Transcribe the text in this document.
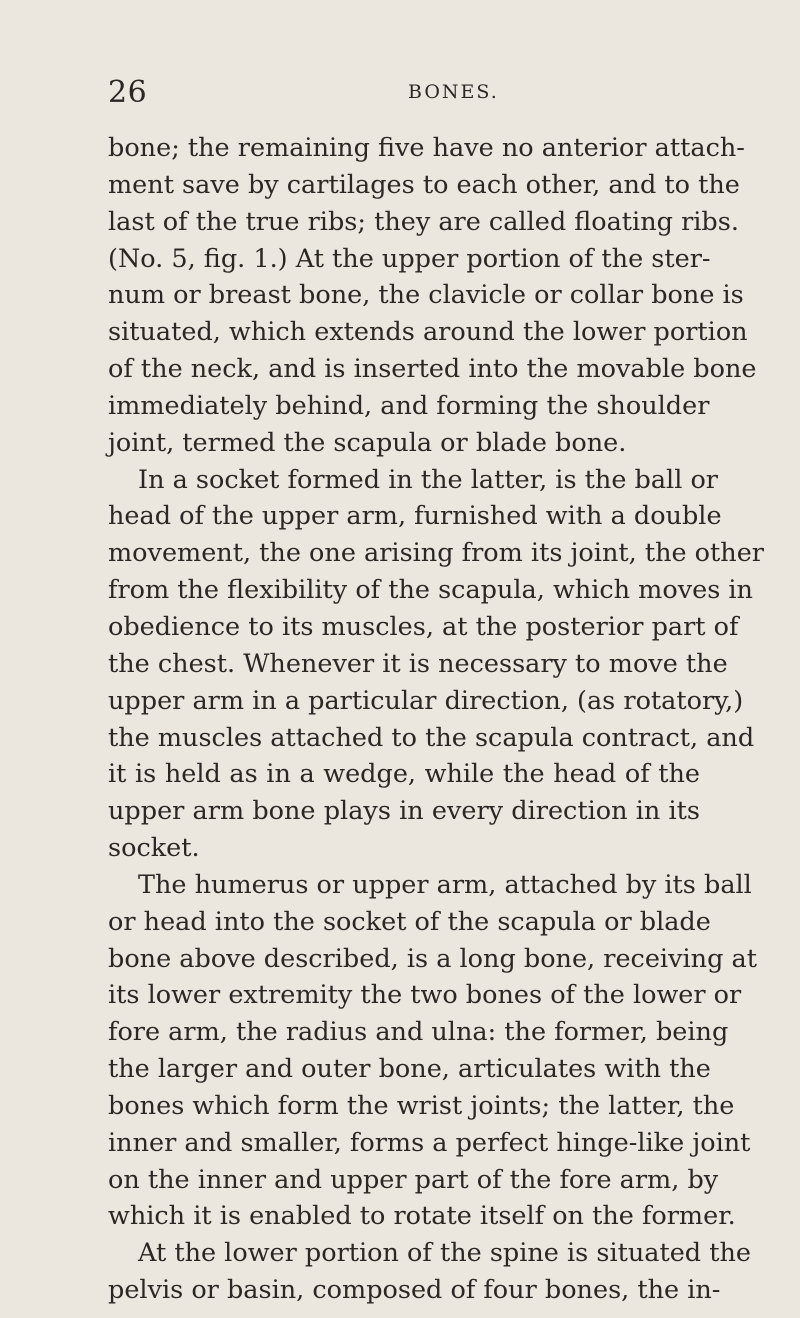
26	BONES.
bone; the remaining five have no anterior attach-
ment save by cartilages to each other, and to the
last of the true ribs; they are called floating ribs.
(No. 5, fig. 1.) At the upper portion of the ster-
num or breast bone, the clavicle or collar bone is
situated, which extends around the lower portion
of the neck, and is inserted into the movable bone
immediately behind, and forming the shoulder
joint, termed the scapula or blade bone.
In a socket formed in the latter, is the ball or
head of the upper arm, furnished with a double
movement, the one arising from its joint, the other
from the flexibility of the scapula, which moves in
obedience to its muscles, at the posterior part of
the chest. Whenever it is necessary to move the
upper arm in a particular direction, (as rotatory,)
the muscles attached to the scapula contract, and
it is held as in a wedge, while the head of the
upper arm bone plays in every direction in its
socket.
The humerus or upper arm, attached by its ball
or head into the socket of the scapula or blade
bone above described, is a long bone, receiving at
its lower extremity the two bones of the lower or
fore arm, the radius and ulna: the former, being
the larger and outer bone, articulates with the
bones which form the wrist joints; the latter, the
inner and smaller, forms a perfect hinge-like joint
on the inner and upper part of the fore arm, by
which it is enabled to rotate itself on the former.
At the lower portion of the spine is situated the
pelvis or basin, composed of four bones, the in-
